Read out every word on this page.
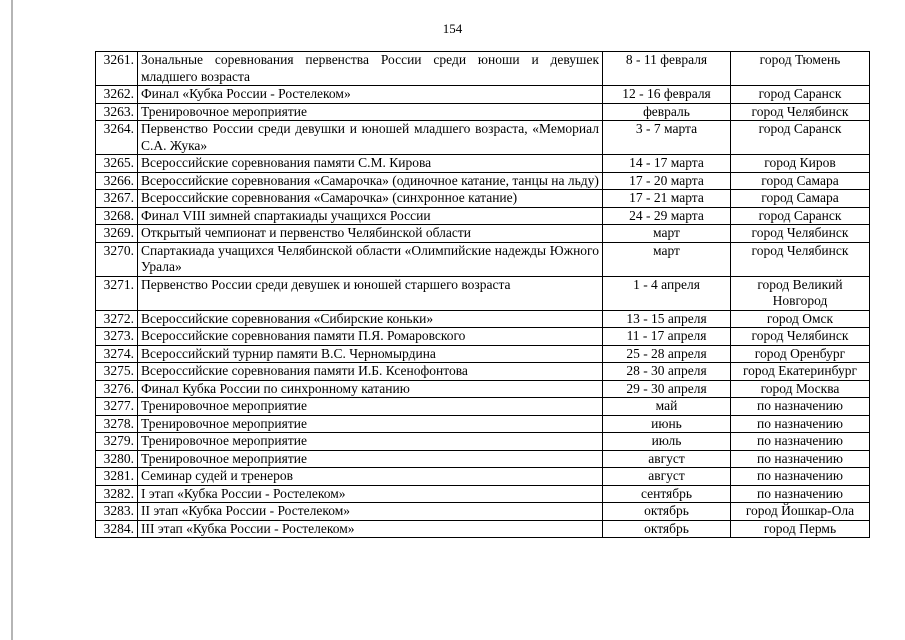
154
3261.	Зональные соревнования первенства России среди юноши и девушек младшего возраста	8 - 11 февраля	город Тюмень
3262.	Финал «Кубка России - Ростелеком»	12 - 16 февраля	город Саранск
3263.	Тренировочное мероприятие	февраль	город Челябинск
3264.	Первенство России среди девушки и юношей младшего возраста, «Мемориал С.А. Жука»	3 - 7 марта	город Саранск
3265.	Всероссийские соревнования памяти С.М. Кирова	14 - 17 марта	город Киров
3266.	Всероссийские соревнования «Самарочка» (одиночное катание, танцы на льду)	17 - 20 марта	город Самара
3267.	Всероссийские соревнования «Самарочка» (синхронное катание)	17 - 21 марта	город Самара
3268.	Финал VIII зимней спартакиады учащихся России	24 - 29 марта	город Саранск
3269.	Открытый чемпионат и первенство Челябинской области	март	город Челябинск
3270.	Спартакиада учащихся Челябинской области «Олимпийские надежды Южного Урала»	март	город Челябинск
3271.	Первенство России среди девушек и юношей старшего возраста	1 - 4 апреля	город Великий Новгород
3272.	Всероссийские соревнования «Сибирские коньки»	13 - 15 апреля	город Омск
3273.	Всероссийские соревнования памяти П.Я. Ромаровского	11 - 17 апреля	город Челябинск
3274.	Всероссийский турнир памяти В.С. Черномырдина	25 - 28 апреля	город Оренбург
3275.	Всероссийские соревнования памяти И.Б. Ксенофонтова	28 - 30 апреля	город Екатеринбург
3276.	Финал Кубка России по синхронному катанию	29 - 30 апреля	город Москва
3277.	Тренировочное мероприятие	май	по назначению
3278.	Тренировочное мероприятие	июнь	по назначению
3279.	Тренировочное мероприятие	июль	по назначению
3280.	Тренировочное мероприятие	август	по назначению
3281.	Семинар судей и тренеров	август	по назначению
3282.	I этап «Кубка России - Ростелеком»	сентябрь	по назначению
3283.	II этап «Кубка России - Ростелеком»	октябрь	город Йошкар-Ола
3284.	III этап «Кубка России - Ростелеком»	октябрь	город Пермь
